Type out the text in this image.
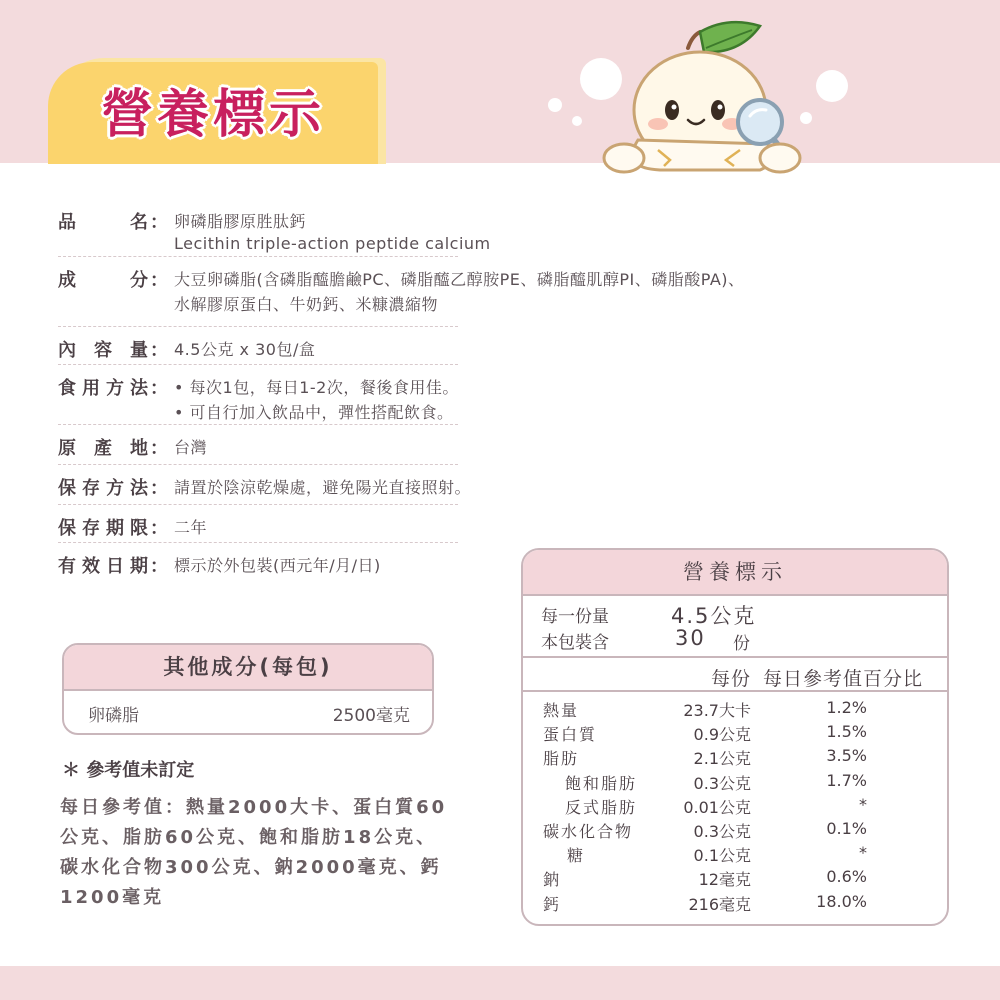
營養標示
品	名 ： 卵磷脂膠原胜肽鈣
Lecithin triple-action peptide calcium
成	分 ： 大豆卵磷脂(含磷脂醯膽鹼PC、磷脂醯乙醇胺PE、磷脂醯肌醇PI、磷脂酸PA)、
水解膠原蛋白、牛奶鈣、米糠濃縮物
內 容 量 ： 4.5公克 x 30包/盒
食 用 方 法 ： • 每次1包，每日1-2次，餐後食用佳。
• 可自行加入飲品中，彈性搭配飲食。
原 產 地 ： 台灣
保 存 方 法 ： 請置於陰涼乾燥處，避免陽光直接照射。
保 存 期 限 ： 二年
有 效 日 期 ： 標示於外包裝(西元年/月/日)
其他成分(每包)
卵磷脂	2500毫克
＊ 參考值未訂定
每日參考值：熱量2000大卡、蛋白質60公克、脂肪60公克、飽和脂肪18公克、碳水化合物300公克、鈉2000毫克、鈣1200毫克
營養標示
每一份量	4.5公克
本包裝含	30 份
每份 每日參考值百分比
熱量	23.7大卡	1.2%
蛋白質	0.9公克	1.5%
脂肪	2.1公克	3.5%
飽和脂肪	0.3公克	1.7%
反式脂肪	0.01公克	*
碳水化合物	0.3公克	0.1%
糖	0.1公克	*
鈉	12毫克	0.6%
鈣	216毫克	18.0%
